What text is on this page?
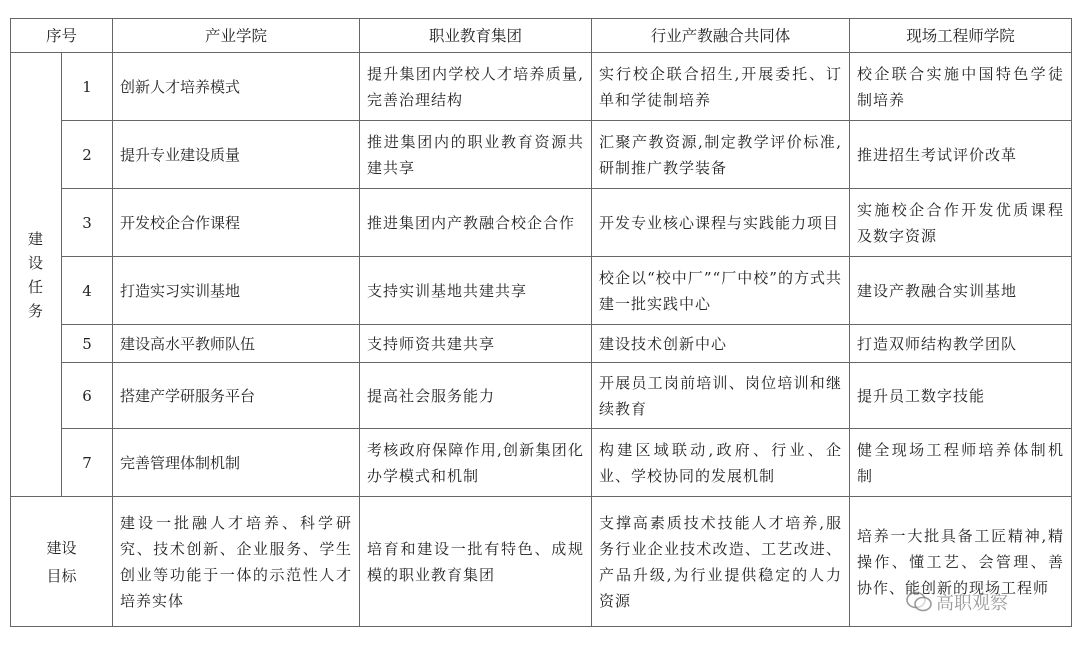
序号		产业学院	职业教育集团	行业产教融合共同体	现场工程师学院

建
设
任
务	1	创新人才培养模式	提升集团内学校人才培养质量,完善治理结构	实行校企联合招生,开展委托、订单和学徒制培养	校企联合实施中国特色学徒制培养
	2	提升专业建设质量	推进集团内的职业教育资源共建共享	汇聚产教资源,制定教学评价标准,研制推广教学装备	推进招生考试评价改革
	3	开发校企合作课程	推进集团内产教融合校企合作	开发专业核心课程与实践能力项目	实施校企合作开发优质课程及数字资源
	4	打造实习实训基地	支持实训基地共建共享	校企以“校中厂”“厂中校”的方式共建一批实践中心	建设产教融合实训基地
	5	建设高水平教师队伍	支持师资共建共享	建设技术创新中心	打造双师结构教学团队
	6	搭建产学研服务平台	提高社会服务能力	开展员工岗前培训、岗位培训和继续教育	提升员工数字技能
	7	完善管理体制机制	考核政府保障作用,创新集团化办学模式和机制	构建区域联动,政府、行业、企业、学校协同的发展机制	健全现场工程师培养体制机制

建设
目标		建设一批融人才培养、科学研究、技术创新、企业服务、学生创业等功能于一体的示范性人才培养实体	培育和建设一批有特色、成规模的职业教育集团	支撑高素质技术技能人才培养,服务行业企业技术改造、工艺改进、产品升级,为行业提供稳定的人力资源	培养一大批具备工匠精神,精操作、懂工艺、会管理、善协作、能创新的现场工程师
高职观察
